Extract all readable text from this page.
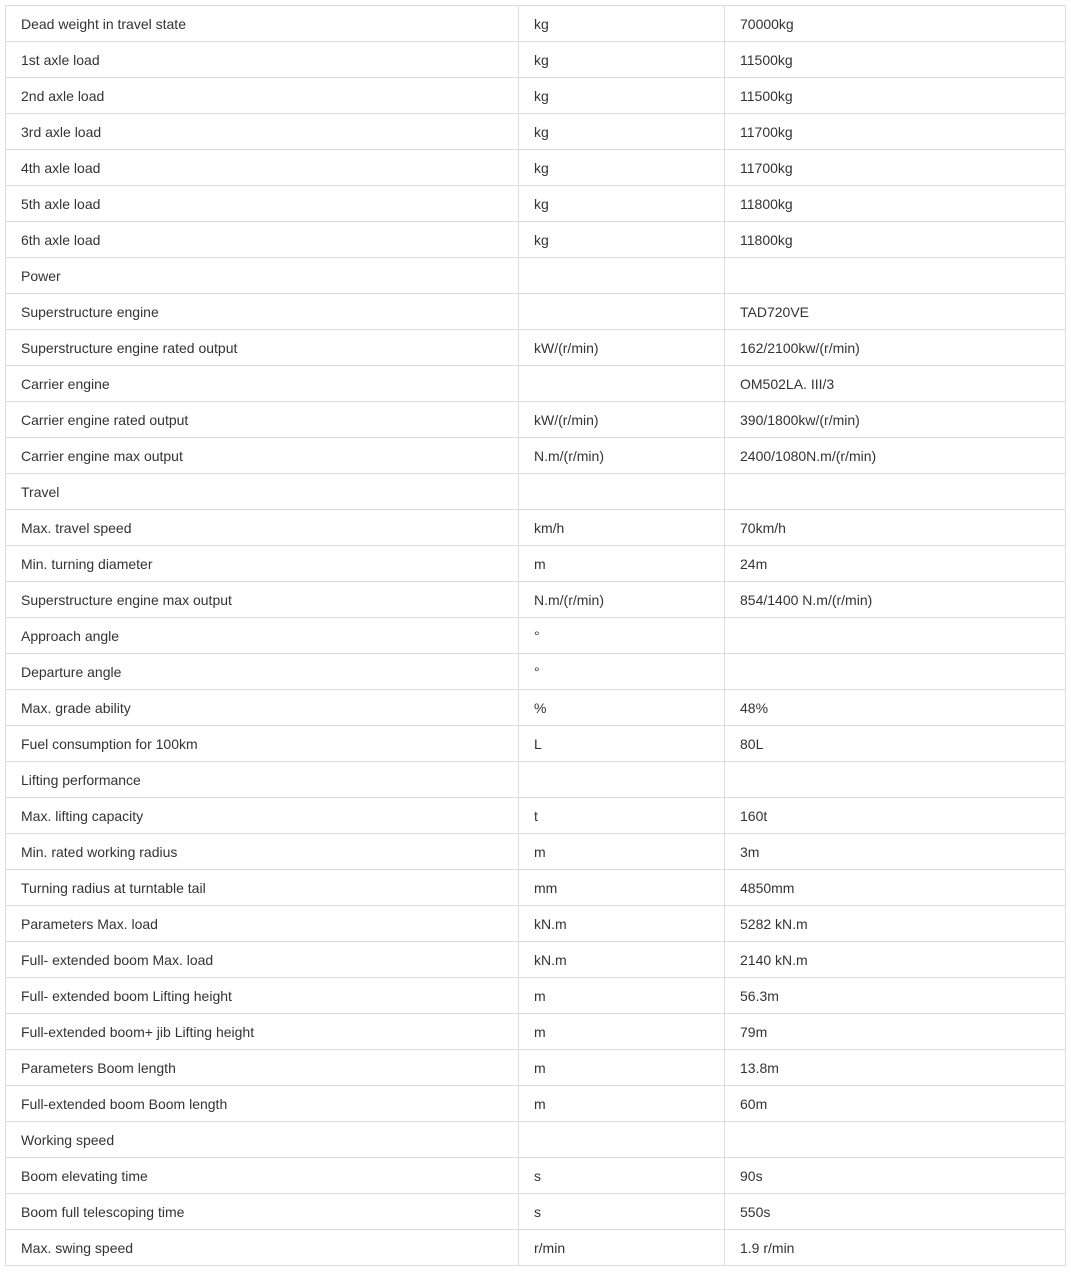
Dead weight in travel state	kg	70000kg
1st axle load	kg	11500kg
2nd axle load	kg	11500kg
3rd axle load	kg	11700kg
4th axle load	kg	11700kg
5th axle load	kg	11800kg
6th axle load	kg	11800kg
Power		
Superstructure engine		TAD720VE
Superstructure engine rated output	kW/(r/min)	162/2100kw/(r/min)
Carrier engine		OM502LA. III/3
Carrier engine rated output	kW/(r/min)	390/1800kw/(r/min)
Carrier engine max output	N.m/(r/min)	2400/1080N.m/(r/min)
Travel		
Max. travel speed	km/h	70km/h
Min. turning diameter	m	24m
Superstructure engine max output	N.m/(r/min)	854/1400 N.m/(r/min)
Approach angle	°	
Departure angle	°	
Max. grade ability	%	48%
Fuel consumption for 100km	L	80L
Lifting performance		
Max. lifting capacity	t	160t
Min. rated working radius	m	3m
Turning radius at turntable tail	mm	4850mm
Parameters Max. load	kN.m	5282 kN.m
Full- extended boom Max. load	kN.m	2140 kN.m
Full- extended boom Lifting height	m	56.3m
Full-extended boom+ jib Lifting height	m	79m
Parameters Boom length	m	13.8m
Full-extended boom Boom length	m	60m
Working speed		
Boom elevating time	s	90s
Boom full telescoping time	s	550s
Max. swing speed	r/min	1.9 r/min
